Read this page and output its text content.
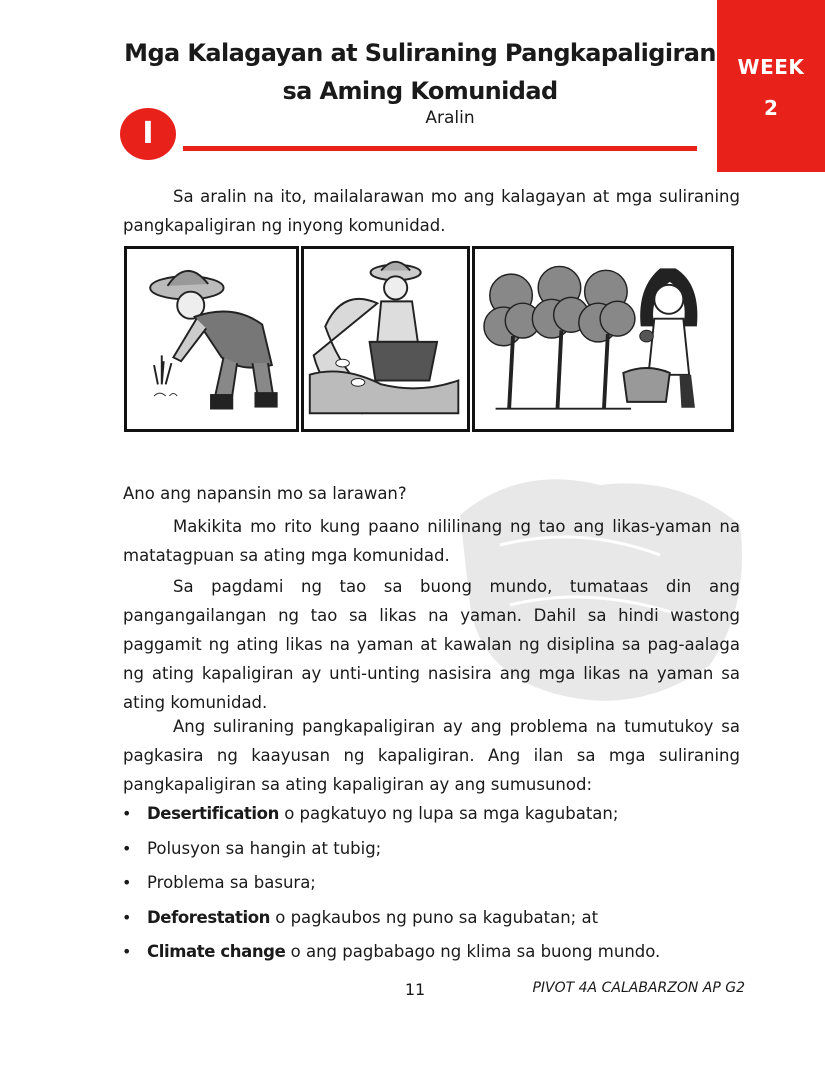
WEEK
2
Mga Kalagayan at Suliraning Pangkapaligiran
sa Aming Komunidad
I	Aralin
Sa aralin na ito, mailalarawan mo ang kalagayan at mga suliraning pangkapaligiran ng inyong komunidad.
Ano ang napansin mo sa larawan?
Makikita mo rito kung paano nililinang ng tao ang likas-yaman na matatagpuan sa ating mga komunidad.
Sa pagdami ng tao sa buong mundo, tumataas din ang pangangailangan ng tao sa likas na yaman. Dahil sa hindi wastong paggamit ng ating likas na yaman at kawalan ng disiplina sa pag-aalaga ng ating kapaligiran ay unti-unting nasisira ang mga likas na yaman sa ating komunidad.
Ang suliraning pangkapaligiran ay ang problema na tumutukoy sa pagkasira ng kaayusan ng kapaligiran. Ang ilan sa mga suliraning pangkapaligiran sa ating kapaligiran ay ang sumusunod:
• Desertification o pagkatuyo ng lupa sa mga kagubatan;
• Polusyon sa hangin at tubig;
• Problema sa basura;
• Deforestation o pagkaubos ng puno sa kagubatan; at
• Climate change o ang pagbabago ng klima sa buong mundo.
11	PIVOT 4A CALABARZON AP G2
